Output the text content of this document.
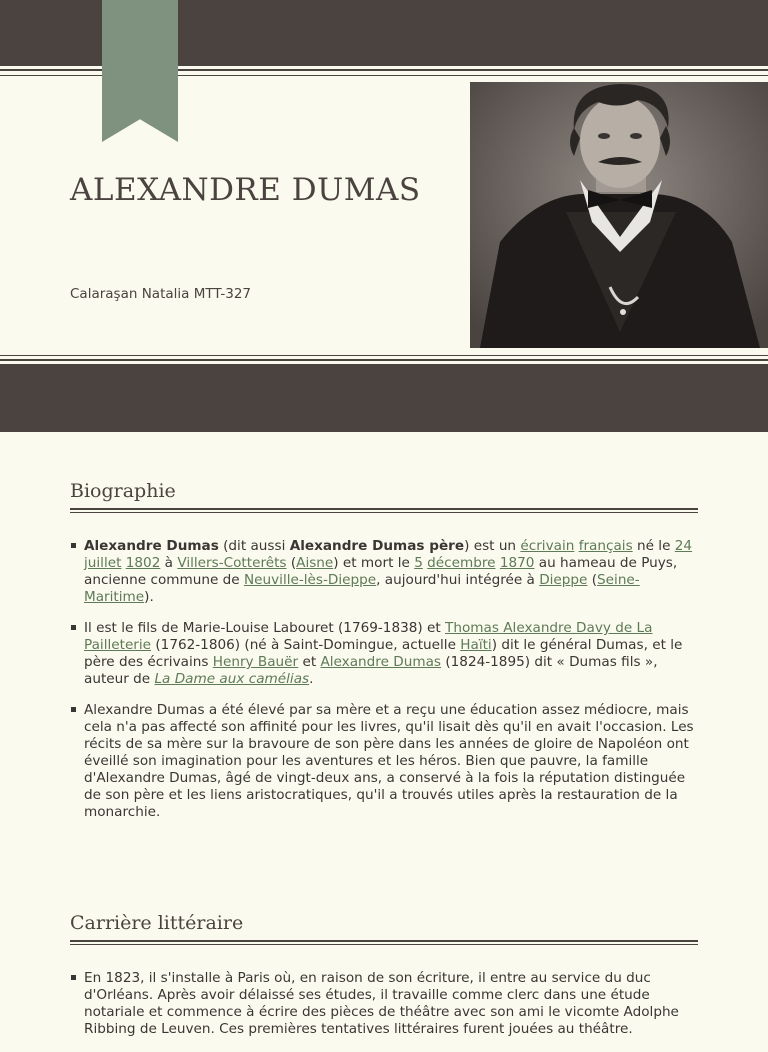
ALEXANDRE DUMAS
Calaraşan Natalia MTT-327
Biographie
Alexandre Dumas (dit aussi Alexandre Dumas père) est un écrivain français né le 24 juillet 1802 à Villers-Cotterêts (Aisne) et mort le 5 décembre 1870 au hameau de Puys, ancienne commune de Neuville-lès-Dieppe, aujourd'hui intégrée à Dieppe (Seine-Maritime).
Il est le fils de Marie-Louise Labouret (1769-1838) et Thomas Alexandre Davy de La Pailleterie (1762-1806) (né à Saint-Domingue, actuelle Haïti) dit le général Dumas, et le père des écrivains Henry Bauër et Alexandre Dumas (1824-1895) dit « Dumas fils », auteur de La Dame aux camélias.
Alexandre Dumas a été élevé par sa mère et a reçu une éducation assez médiocre, mais cela n'a pas affecté son affinité pour les livres, qu'il lisait dès qu'il en avait l'occasion. Les récits de sa mère sur la bravoure de son père dans les années de gloire de Napoléon ont éveillé son imagination pour les aventures et les héros. Bien que pauvre, la famille d'Alexandre Dumas, âgé de vingt-deux ans, a conservé à la fois la réputation distinguée de son père et les liens aristocratiques, qu'il a trouvés utiles après la restauration de la monarchie.
Carrière littéraire
En 1823, il s'installe à Paris où, en raison de son écriture, il entre au service du duc d'Orléans. Après avoir délaissé ses études, il travaille comme clerc dans une étude notariale et commence à écrire des pièces de théâtre avec son ami le vicomte Adolphe Ribbing de Leuven. Ces premières tentatives littéraires furent jouées au théâtre.
